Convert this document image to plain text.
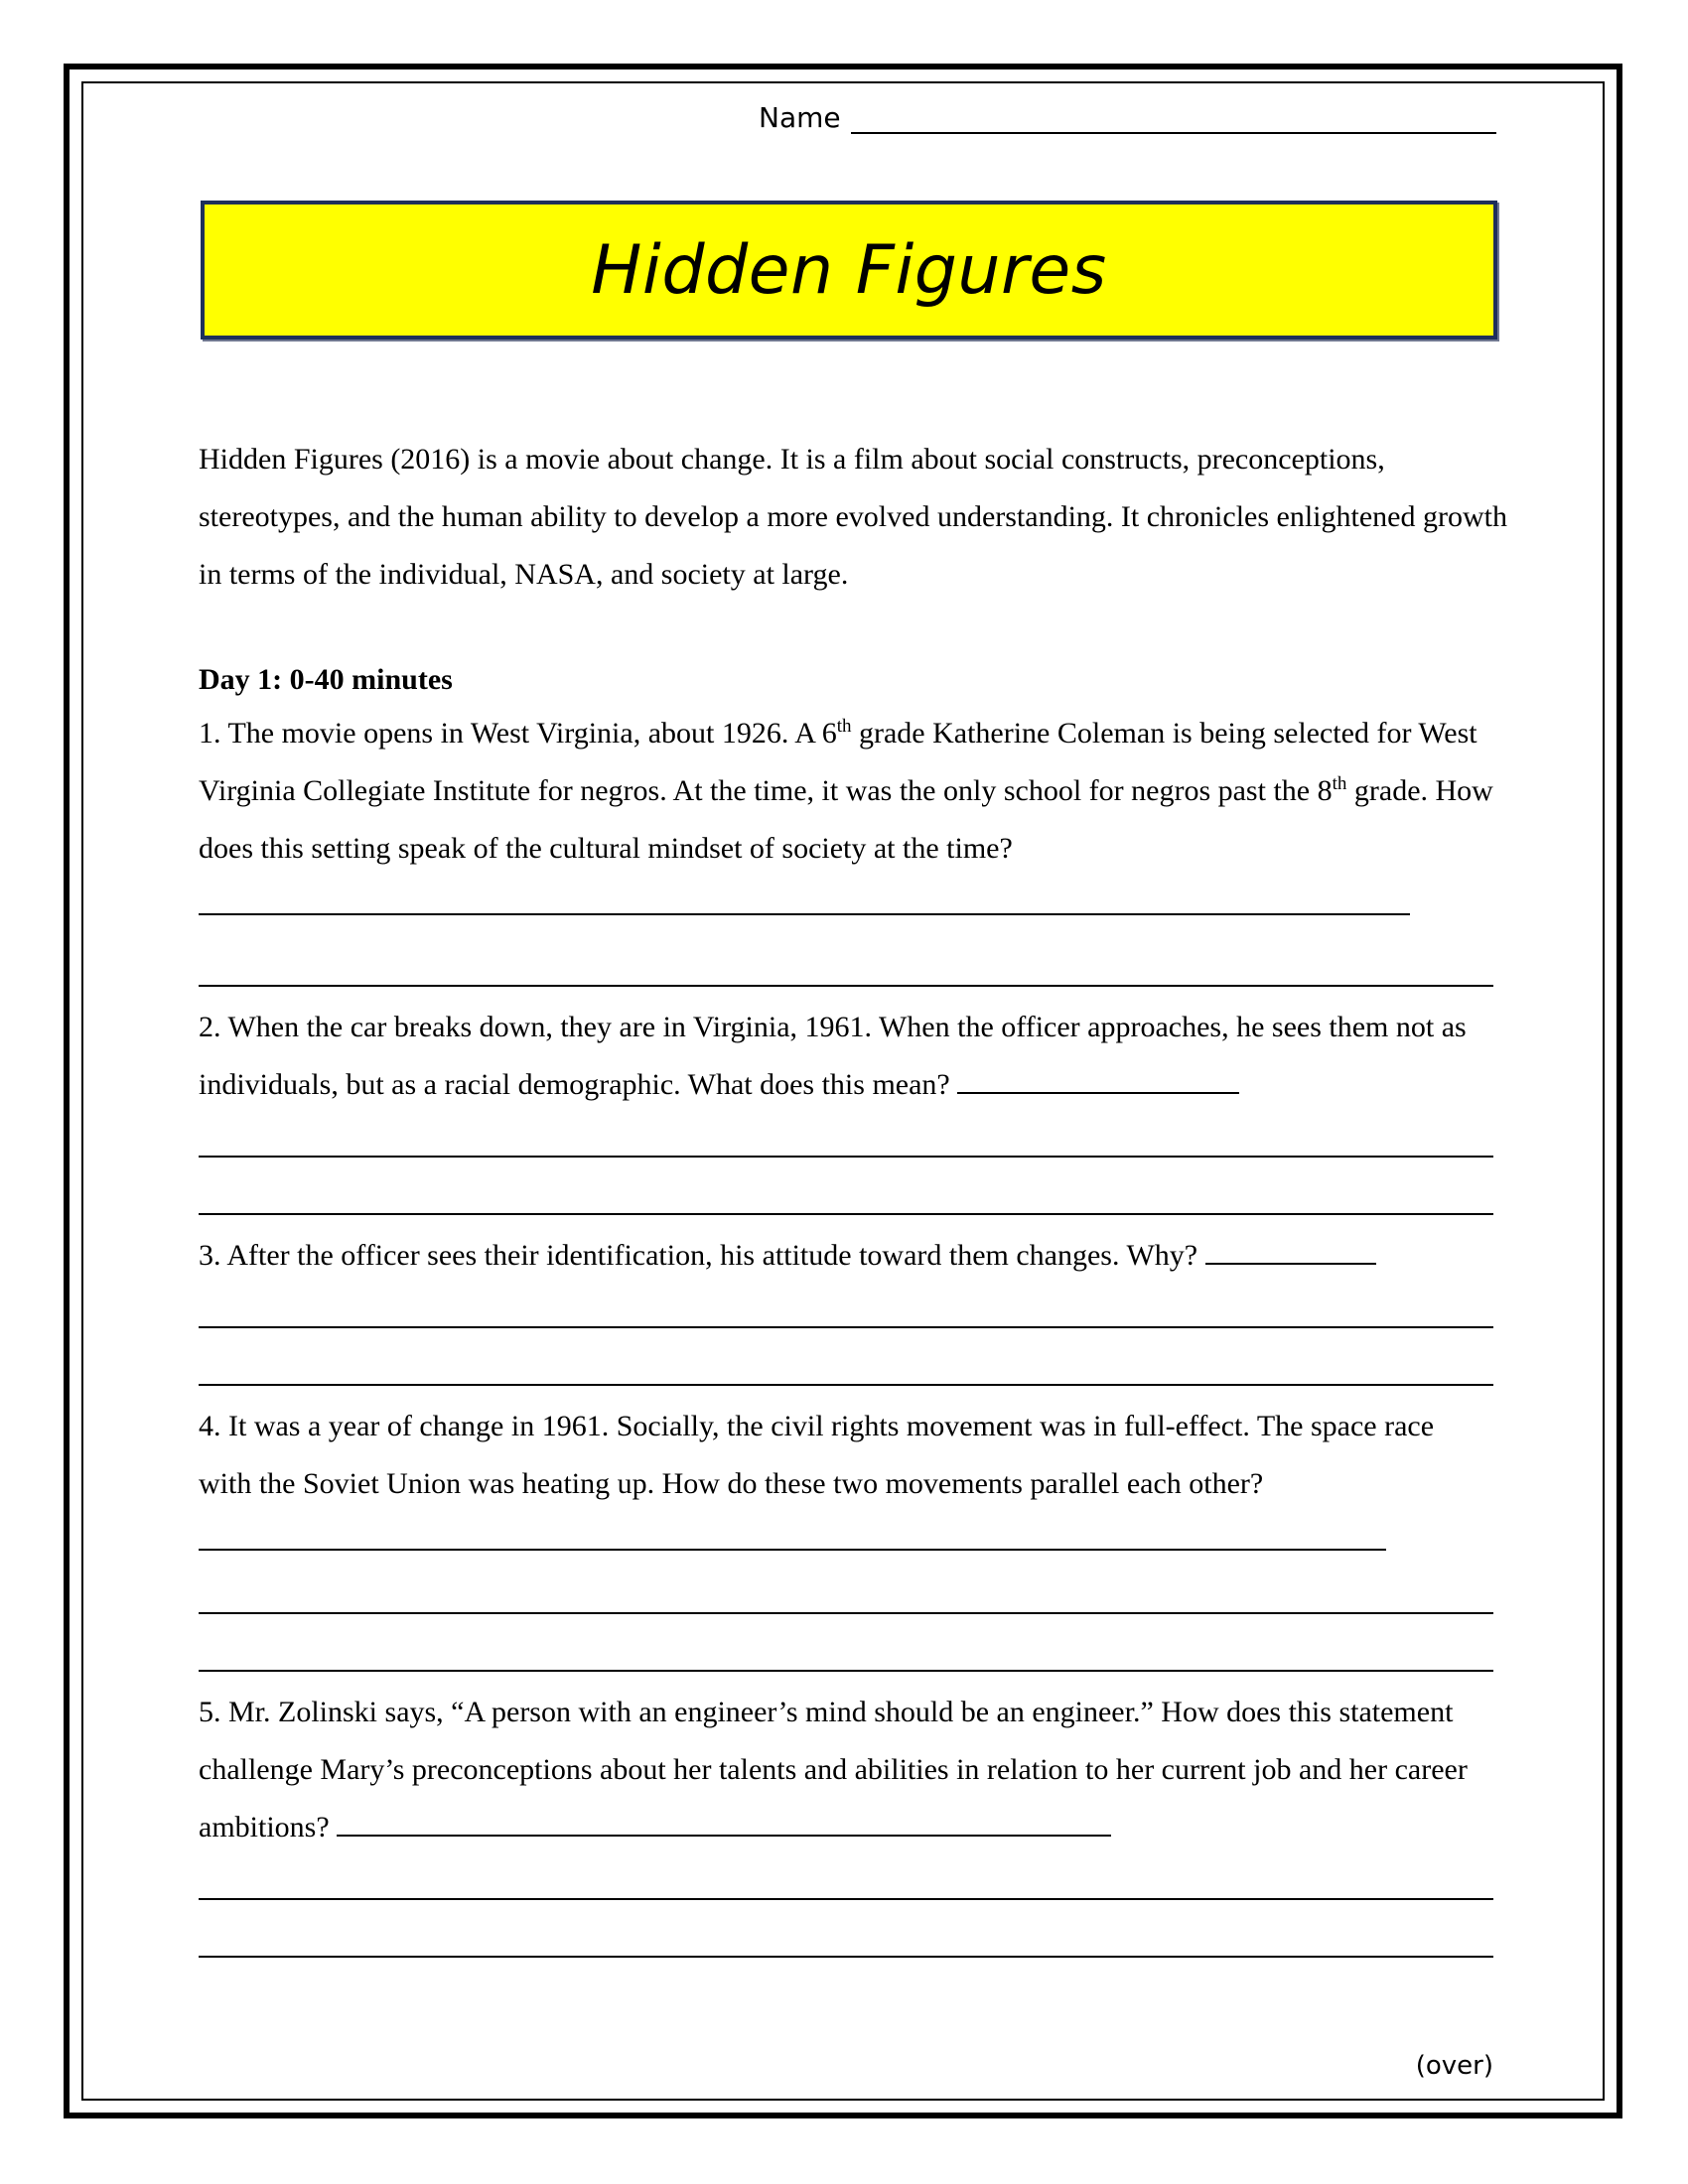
Name
Hidden Figures

Hidden Figures (2016) is a movie about change. It is a film about social constructs, preconceptions, stereotypes, and the human ability to develop a more evolved understanding. It chronicles enlightened growth in terms of the individual, NASA, and society at large.

Day 1: 0-40 minutes

1. The movie opens in West Virginia, about 1926. A 6th grade Katherine Coleman is being selected for West Virginia Collegiate Institute for negros. At the time, it was the only school for negros past the 8th grade. How does this setting speak of the cultural mindset of society at the time?

2. When the car breaks down, they are in Virginia, 1961. When the officer approaches, he sees them not as individuals, but as a racial demographic. What does this mean?

3. After the officer sees their identification, his attitude toward them changes. Why?

4. It was a year of change in 1961. Socially, the civil rights movement was in full-effect. The space race with the Soviet Union was heating up. How do these two movements parallel each other?

5. Mr. Zolinski says, “A person with an engineer’s mind should be an engineer.” How does this statement challenge Mary’s preconceptions about her talents and abilities in relation to her current job and her career ambitions?

(over)
